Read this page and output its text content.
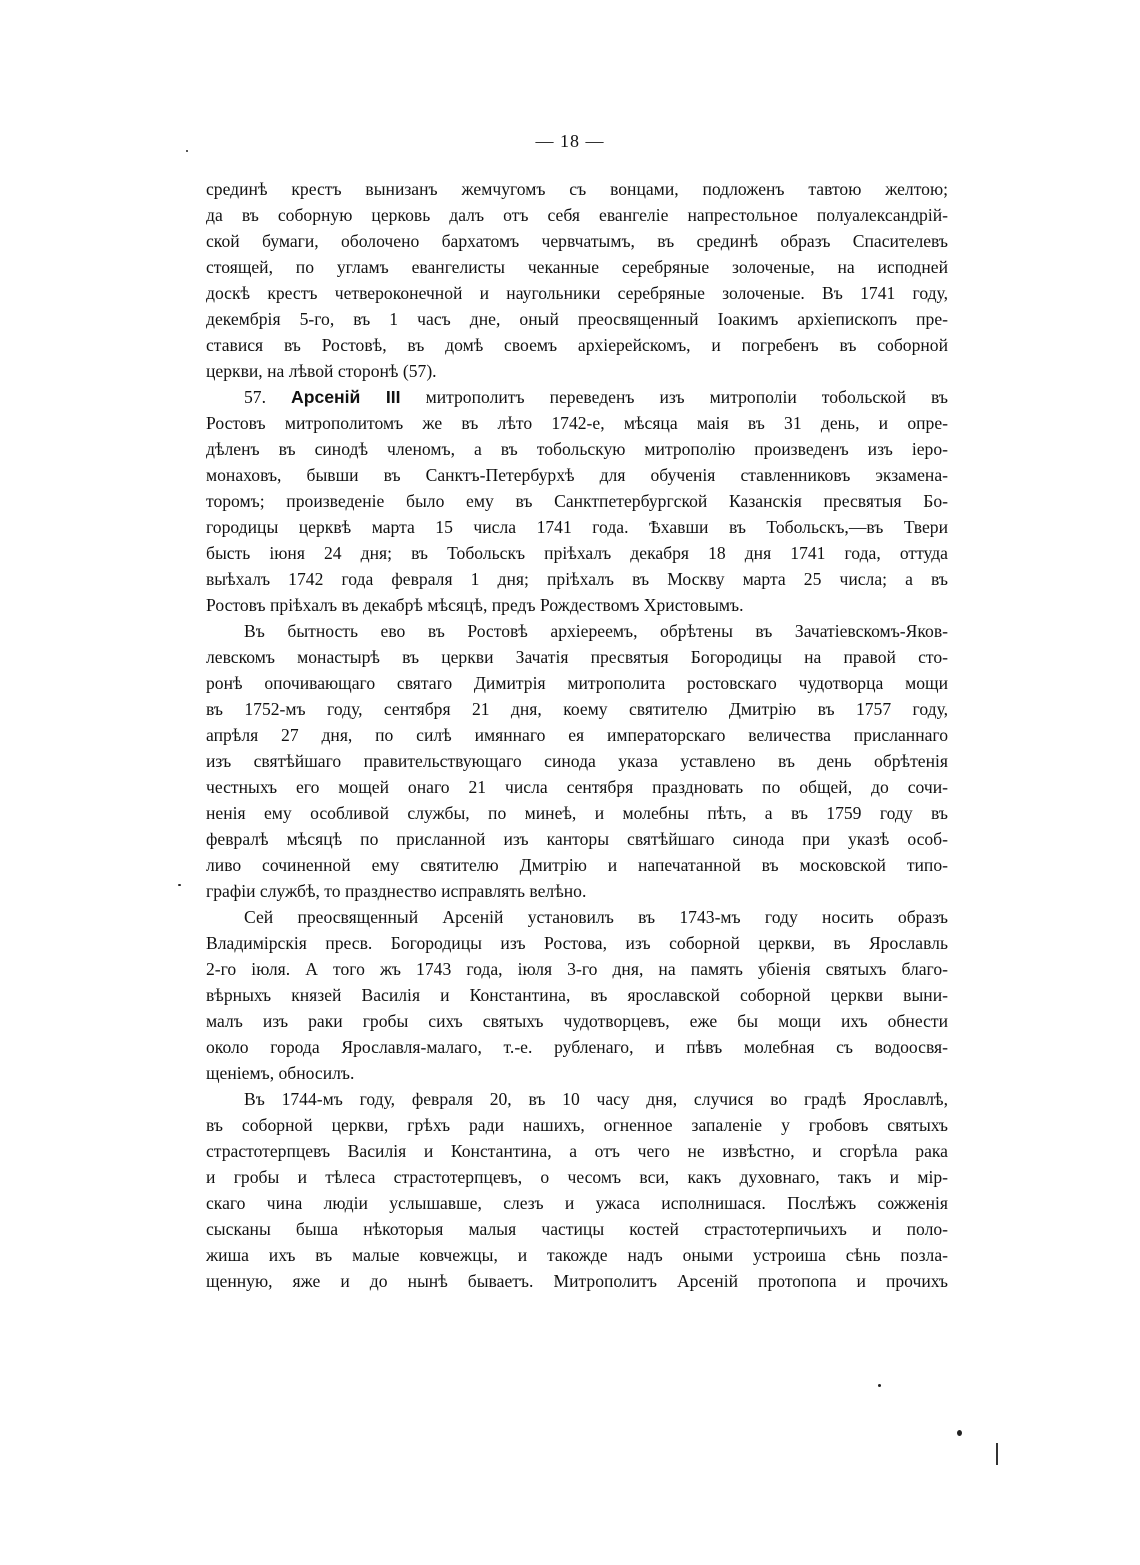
— 18 —
срединѣ крестъ вынизанъ жемчугомъ съ вонцами, подложенъ тавтою желтою;
да въ соборную церковь далъ отъ себя евангеліе напрестольное полуалександрій-
ской бумаги, оболочено бархатомъ червчатымъ, въ срединѣ образъ Спасителевъ
стоящей, по угламъ евангелисты чеканные серебряные золоченые, на исподней
доскѣ крестъ четвероконечной и наугольники серебряные золоченые. Въ 1741 году,
декембрія 5-го, въ 1 часъ дне, оный преосвященный Іоакимъ архіепископъ пре-
ставися въ Ростовѣ, въ домѣ своемъ архіерейскомъ, и погребенъ въ соборной
церкви, на лѣвой сторонѣ (57).
57. Арсеній III митрополитъ переведенъ изъ митрополіи тобольской въ
Ростовъ митрополитомъ же въ лѣто 1742-е, мѣсяца маія въ 31 день, и опре-
дѣленъ въ синодѣ членомъ, а въ тобольскую митрополію произведенъ изъ іеро-
монаховъ, бывши въ Санктъ-Петербурхѣ для обученія ставленниковъ экзамена-
торомъ; произведеніе было ему въ Санктпетербургской Казанскія пресвятыя Бо-
городицы церквѣ марта 15 числа 1741 года. Ѣхавши въ Тобольскъ,—въ Твери
бысть іюня 24 дня; въ Тобольскъ пріѣхалъ декабря 18 дня 1741 года, оттуда
выѣхалъ 1742 года февраля 1 дня; пріѣхалъ въ Москву марта 25 числа; а въ
Ростовъ пріѣхалъ въ декабрѣ мѣсяцѣ, предъ Рождествомъ Христовымъ.
Въ бытность ево въ Ростовѣ архіереемъ, обрѣтены въ Зачатіевскомъ-Яков-
левскомъ монастырѣ въ церкви Зачатія пресвятыя Богородицы на правой сто-
ронѣ опочивающаго святаго Димитрія митрополита ростовскаго чудотворца мощи
въ 1752-мъ году, сентября 21 дня, коему святителю Дмитрію въ 1757 году,
апрѣля 27 дня, по силѣ имяннаго ея императорскаго величества присланнаго
изъ святѣйшаго правительствующаго синода указа уставлено въ день обрѣтенія
честныхъ его мощей онаго 21 числа сентября праздновать по общей, до сочи-
ненія ему особливой службы, по минеѣ, и молебны пѣть, а въ 1759 году въ
февралѣ мѣсяцѣ по присланной изъ канторы святѣйшаго синода при указѣ особ-
ливо сочиненной ему святителю Дмитрію и напечатанной въ московской типо-
графіи службѣ, то празднество исправлять велѣно.
Сей преосвященный Арсеній установилъ въ 1743-мъ году носить образъ
Владимірскія пресв. Богородицы изъ Ростова, изъ соборной церкви, въ Ярославль
2-го іюля. А того жъ 1743 года, іюля 3-го дня, на память убіенія святыхъ благо-
вѣрныхъ князей Василія и Константина, въ ярославской соборной церкви выни-
малъ изъ раки гробы сихъ святыхъ чудотворцевъ, еже бы мощи ихъ обнести
около города Ярославля-малаго, т.-е. рубленаго, и пѣвъ молебная съ водоосвя-
щеніемъ, обносилъ.
Въ 1744-мъ году, февраля 20, въ 10 часу дня, случися во градѣ Ярославлѣ,
въ соборной церкви, грѣхъ ради нашихъ, огненное запаленіе у гробовъ святыхъ
страстотерпцевъ Василія и Константина, а отъ чего не извѣстно, и сгорѣла рака
и гробы и тѣлеса страстотерпцевъ, о чесомъ вси, какъ духовнаго, такъ и мір-
скаго чина людіи услышавше, слезъ и ужаса исполнишася. Послѣжъ сожженія
сысканы быша нѣкоторыя малыя частицы костей страстотерпичьихъ и поло-
жиша ихъ въ малые ковчежцы, и такожде надъ оными устроиша сѣнь позла-
щенную, яже и до нынѣ бываетъ. Митрополитъ Арсеній протопопа и прочихъ
